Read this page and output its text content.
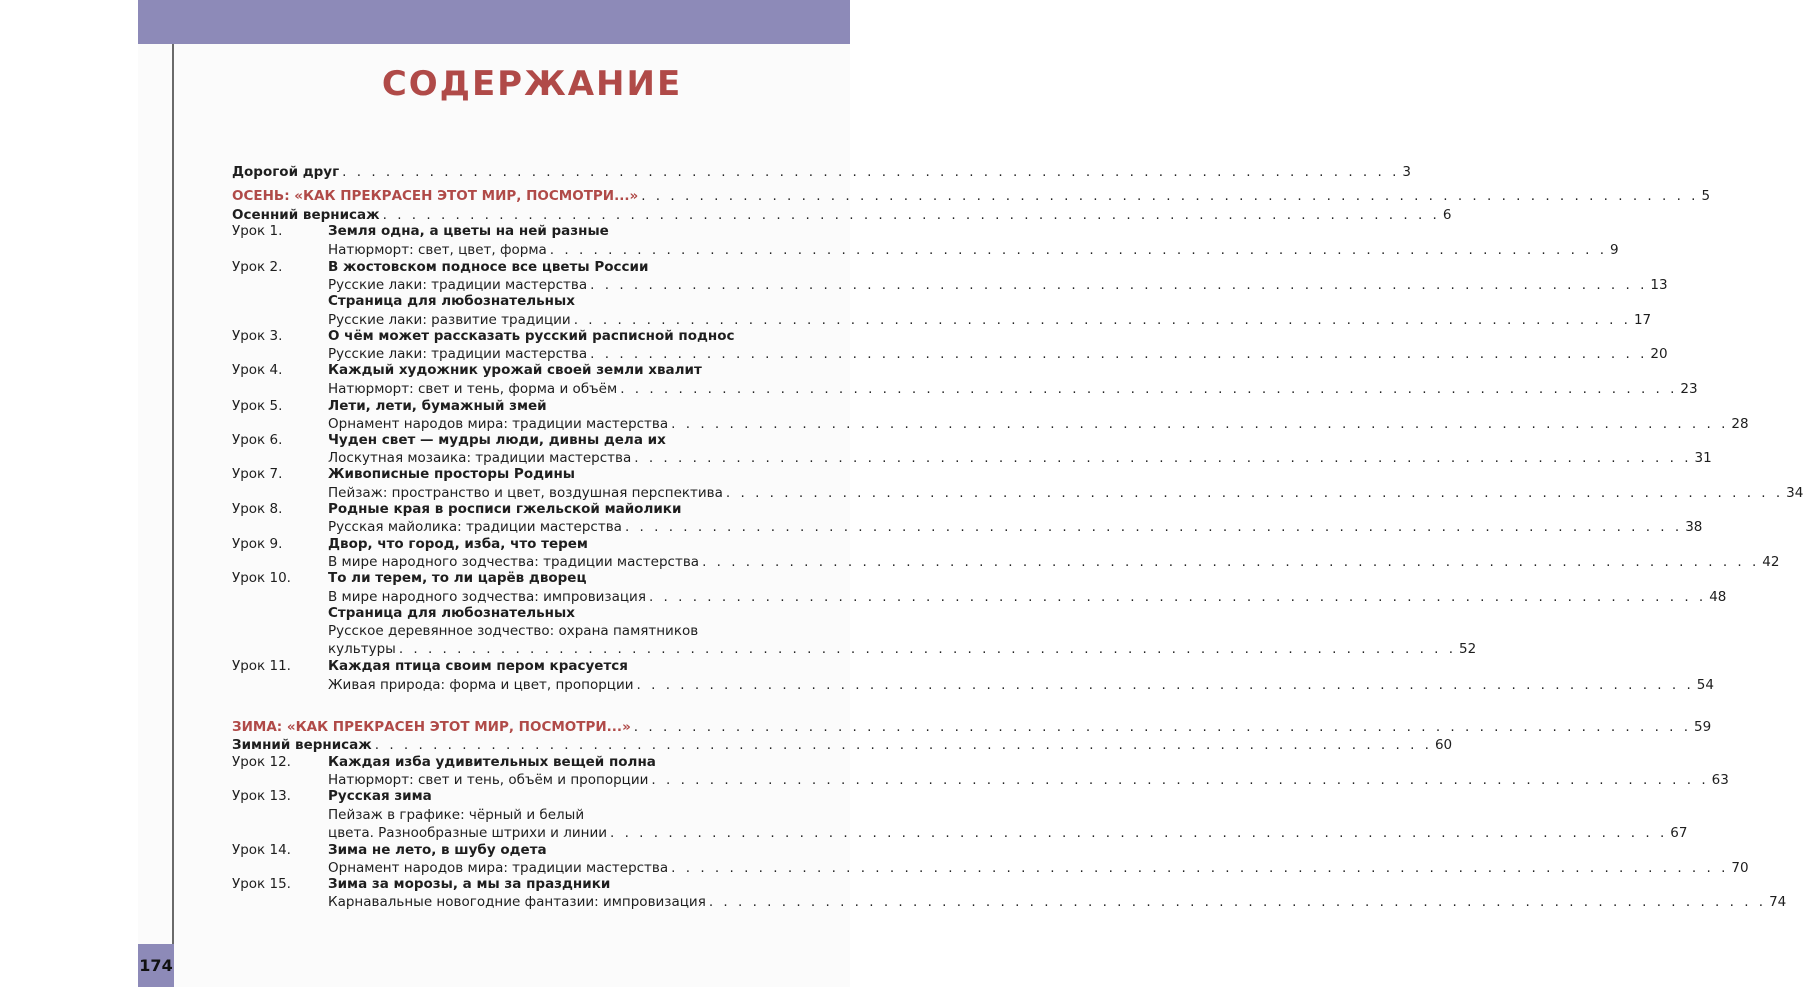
174
СОДЕРЖАНИЕ
Дорогой друг . . . . . . . . . . . . . . . . . . . . . . . . . . . . . . . . . . . . . . . . . . . . . . . . . . . . . . . . . . . . . . . . . . . . . . . . . 3
ОСЕНЬ: «КАК ПРЕКРАСЕН ЭТОТ МИР, ПОСМОТРИ...» . . . . . . . . . . . . . . . . . . . . . . . . . . . . . . . . . . . . . . . . . . . . . . . . . . . . . . . . . . . . . . . . . . . . . . . . . 5
Осенний вернисаж . . . . . . . . . . . . . . . . . . . . . . . . . . . . . . . . . . . . . . . . . . . . . . . . . . . . . . . . . . . . . . . . . . . . . . . . . 6
Урок 1.	Земля одна, а цветы на ней разные
Натюрморт: свет, цвет, форма . . . . . . . . . . . . . . . . . . . . . . . . . . . . . . . . . . . . . . . . . . . . . . . . . . . . . . . . . . . . . . . . . . . . . . . . . 9
Урок 2.	В жостовском подносе все цветы России
Русские лаки: традиции мастерства . . . . . . . . . . . . . . . . . . . . . . . . . . . . . . . . . . . . . . . . . . . . . . . . . . . . . . . . . . . . . . . . . . . . . . . . . 13
Страница для любознательных
Русские лаки: развитие традиции . . . . . . . . . . . . . . . . . . . . . . . . . . . . . . . . . . . . . . . . . . . . . . . . . . . . . . . . . . . . . . . . . . . . . . . . . 17
Урок 3.	О чём может рассказать русский расписной поднос
Русские лаки: традиции мастерства . . . . . . . . . . . . . . . . . . . . . . . . . . . . . . . . . . . . . . . . . . . . . . . . . . . . . . . . . . . . . . . . . . . . . . . . . 20
Урок 4.	Каждый художник урожай своей земли хвалит
Натюрморт: свет и тень, форма и объём . . . . . . . . . . . . . . . . . . . . . . . . . . . . . . . . . . . . . . . . . . . . . . . . . . . . . . . . . . . . . . . . . . . . . . . . . 23
Урок 5.	Лети, лети, бумажный змей
Орнамент народов мира: традиции мастерства . . . . . . . . . . . . . . . . . . . . . . . . . . . . . . . . . . . . . . . . . . . . . . . . . . . . . . . . . . . . . . . . . . . . . . . . . 28
Урок 6.	Чуден свет — мудры люди, дивны дела их
Лоскутная мозаика: традиции мастерства . . . . . . . . . . . . . . . . . . . . . . . . . . . . . . . . . . . . . . . . . . . . . . . . . . . . . . . . . . . . . . . . . . . . . . . . . 31
Урок 7.	Живописные просторы Родины
Пейзаж: пространство и цвет, воздушная перспектива . . . . . . . . . . . . . . . . . . . . . . . . . . . . . . . . . . . . . . . . . . . . . . . . . . . . . . . . . . . . . . . . . . . . . . . . . 34
Урок 8.	Родные края в росписи гжельской майолики
Русская майолика: традиции мастерства . . . . . . . . . . . . . . . . . . . . . . . . . . . . . . . . . . . . . . . . . . . . . . . . . . . . . . . . . . . . . . . . . . . . . . . . . 38
Урок 9.	Двор, что город, изба, что терем
В мире народного зодчества: традиции мастерства . . . . . . . . . . . . . . . . . . . . . . . . . . . . . . . . . . . . . . . . . . . . . . . . . . . . . . . . . . . . . . . . . . . . . . . . . 42
Урок 10.	То ли терем, то ли царёв дворец
В мире народного зодчества: импровизация . . . . . . . . . . . . . . . . . . . . . . . . . . . . . . . . . . . . . . . . . . . . . . . . . . . . . . . . . . . . . . . . . . . . . . . . . 48
Страница для любознательных
Русское деревянное зодчество: охрана памятников
культуры . . . . . . . . . . . . . . . . . . . . . . . . . . . . . . . . . . . . . . . . . . . . . . . . . . . . . . . . . . . . . . . . . . . . . . . . . 52
Урок 11.	Каждая птица своим пером красуется
Живая природа: форма и цвет, пропорции . . . . . . . . . . . . . . . . . . . . . . . . . . . . . . . . . . . . . . . . . . . . . . . . . . . . . . . . . . . . . . . . . . . . . . . . . 54
ЗИМА: «КАК ПРЕКРАСЕН ЭТОТ МИР, ПОСМОТРИ...» . . . . . . . . . . . . . . . . . . . . . . . . . . . . . . . . . . . . . . . . . . . . . . . . . . . . . . . . . . . . . . . . . . . . . . . . . 59
Зимний вернисаж . . . . . . . . . . . . . . . . . . . . . . . . . . . . . . . . . . . . . . . . . . . . . . . . . . . . . . . . . . . . . . . . . . . . . . . . . 60
Урок 12.	Каждая изба удивительных вещей полна
Натюрморт: свет и тень, объём и пропорции . . . . . . . . . . . . . . . . . . . . . . . . . . . . . . . . . . . . . . . . . . . . . . . . . . . . . . . . . . . . . . . . . . . . . . . . . 63
Урок 13.	Русская зима
Пейзаж в графике: чёрный и белый
цвета. Разнообразные штрихи и линии . . . . . . . . . . . . . . . . . . . . . . . . . . . . . . . . . . . . . . . . . . . . . . . . . . . . . . . . . . . . . . . . . . . . . . . . . 67
Урок 14.	Зима не лето, в шубу одета
Орнамент народов мира: традиции мастерства . . . . . . . . . . . . . . . . . . . . . . . . . . . . . . . . . . . . . . . . . . . . . . . . . . . . . . . . . . . . . . . . . . . . . . . . . 70
Урок 15.	Зима за морозы, а мы за праздники
Карнавальные новогодние фантазии: импровизация . . . . . . . . . . . . . . . . . . . . . . . . . . . . . . . . . . . . . . . . . . . . . . . . . . . . . . . . . . . . . . . . . . . . . . . . . 74
